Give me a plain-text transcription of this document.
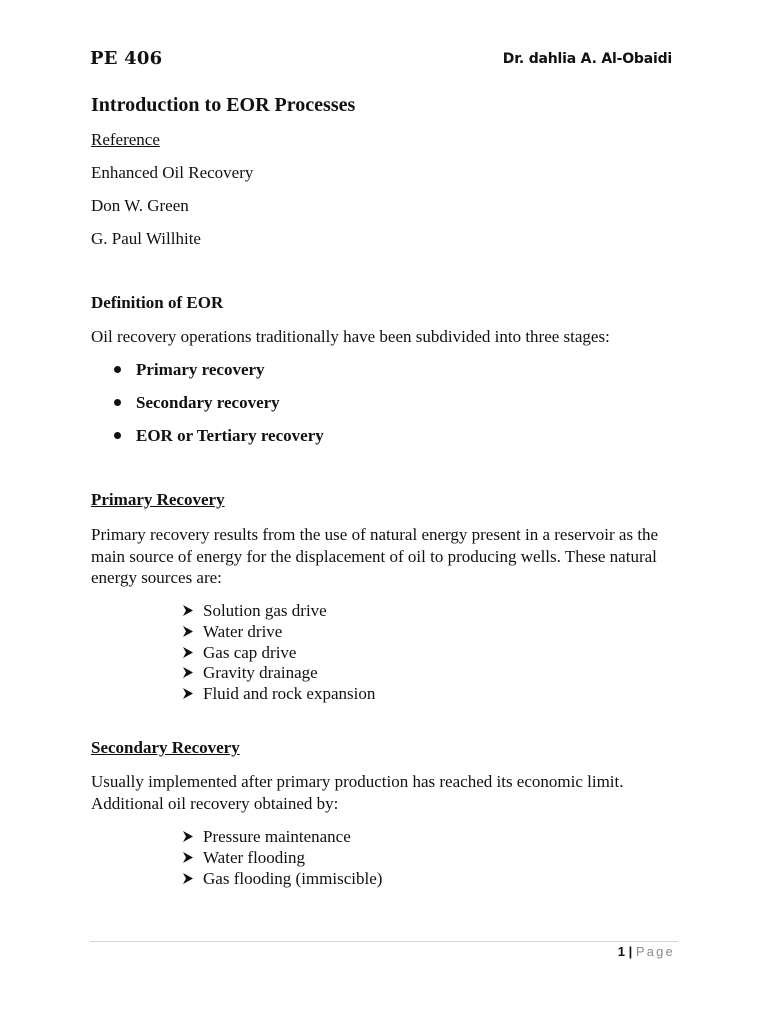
PE 406	Dr. dahlia A. Al-Obaidi
Introduction to EOR Processes
Reference
Enhanced Oil Recovery
Don W. Green
G. Paul Willhite
Definition of EOR
Oil recovery operations traditionally have been subdivided into three stages:
Primary recovery
Secondary recovery
EOR or Tertiary recovery
Primary Recovery
Primary recovery results from the use of natural energy present in a reservoir as the main source of energy for the displacement of oil to producing wells. These natural energy sources are:
Solution gas drive
Water drive
Gas cap drive
Gravity drainage
Fluid and rock expansion
Secondary Recovery
Usually implemented after primary production has reached its economic limit. Additional oil recovery obtained by:
Pressure maintenance
Water flooding
Gas flooding (immiscible)
1 | Page
